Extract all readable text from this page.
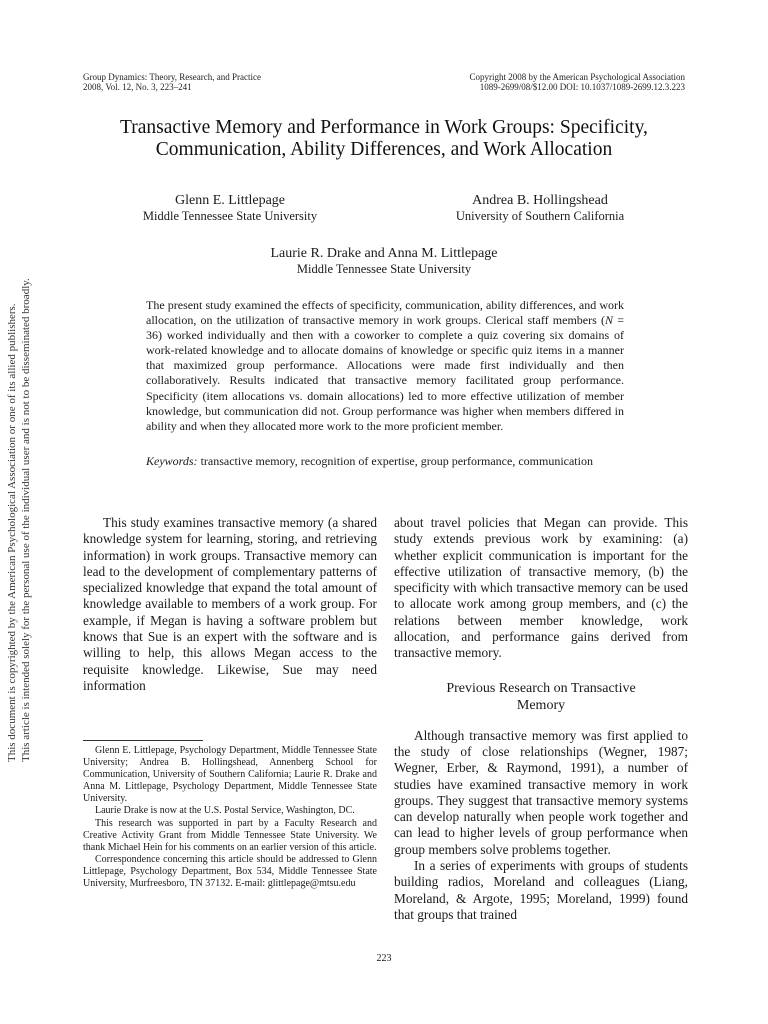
Group Dynamics: Theory, Research, and Practice
2008, Vol. 12, No. 3, 223–241
Copyright 2008 by the American Psychological Association
1089-2699/08/$12.00 DOI: 10.1037/1089-2699.12.3.223
Transactive Memory and Performance in Work Groups: Specificity,
Communication, Ability Differences, and Work Allocation
Glenn E. Littlepage
Middle Tennessee State University
Andrea B. Hollingshead
University of Southern California
Laurie R. Drake and Anna M. Littlepage
Middle Tennessee State University
The present study examined the effects of specificity, communication, ability differences, and work allocation, on the utilization of transactive memory in work groups. Clerical staff members (N = 36) worked individually and then with a coworker to complete a quiz covering six domains of work-related knowledge and to allocate domains of knowledge or specific quiz items in a manner that maximized group performance. Allocations were made first individually and then collaboratively. Results indicated that transactive memory facilitated group performance. Specificity (item allocations vs. domain allocations) led to more effective utilization of member knowledge, but communication did not. Group performance was higher when members differed in ability and when they allocated more work to the more proficient member.
Keywords: transactive memory, recognition of expertise, group performance, communication

This study examines transactive memory (a shared knowledge system for learning, storing, and retrieving information) in work groups. Transactive memory can lead to the development of complementary patterns of specialized knowledge that expand the total amount of knowledge available to members of a work group. For example, if Megan is having a software problem but knows that Sue is an expert with the software and is willing to help, this allows Megan access to the requisite knowledge. Likewise, Sue may need information

about travel policies that Megan can provide. This study extends previous work by examining: (a) whether explicit communication is important for the effective utilization of transactive memory, (b) the specificity with which transactive memory can be used to allocate work among group members, and (c) the relations between member knowledge, work allocation, and performance gains derived from transactive memory.

Previous Research on Transactive
Memory

Although transactive memory was first applied to the study of close relationships (Wegner, 1987; Wegner, Erber, & Raymond, 1991), a number of studies have examined transactive memory in work groups. They suggest that transactive memory systems can develop naturally when people work together and can lead to higher levels of group performance when group members solve problems together.

In a series of experiments with groups of students building radios, Moreland and colleagues (Liang, Moreland, & Argote, 1995; Moreland, 1999) found that groups that trained

Glenn E. Littlepage, Psychology Department, Middle Tennessee State University; Andrea B. Hollingshead, Annenberg School for Communication, University of Southern California; Laurie R. Drake and Anna M. Littlepage, Psychology Department, Middle Tennessee State University.

Laurie Drake is now at the U.S. Postal Service, Washington, DC.

This research was supported in part by a Faculty Research and Creative Activity Grant from Middle Tennessee State University. We thank Michael Hein for his comments on an earlier version of this article.

Correspondence concerning this article should be addressed to Glenn Littlepage, Psychology Department, Box 534, Middle Tennessee State University, Murfreesboro, TN 37132. E-mail: glittlepage@mtsu.edu

223
This document is copyrighted by the American Psychological Association or one of its allied publishers. This article is intended solely for the personal use of the individual user and is not to be disseminated broadly.
